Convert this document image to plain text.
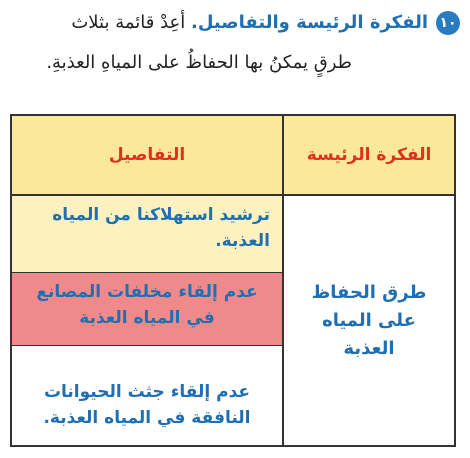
١٠الفكرة الرئيسة والتفاصيل. أعِدْ قائمة بثلاث
طرقٍ يمكنُ بها الحفاظُ على المياهِ العذبةِ.
الفكرة الرئيسة
التفاصيل
طرق الحفاظ على المياه العذبة
ترشيد استهلاكنا من المياه العذبة.
عدم إلقاء مخلفات المصانع في المياه العذبة
عدم إلقاء جثث الحيوانات النافقة في المياه العذبة.
